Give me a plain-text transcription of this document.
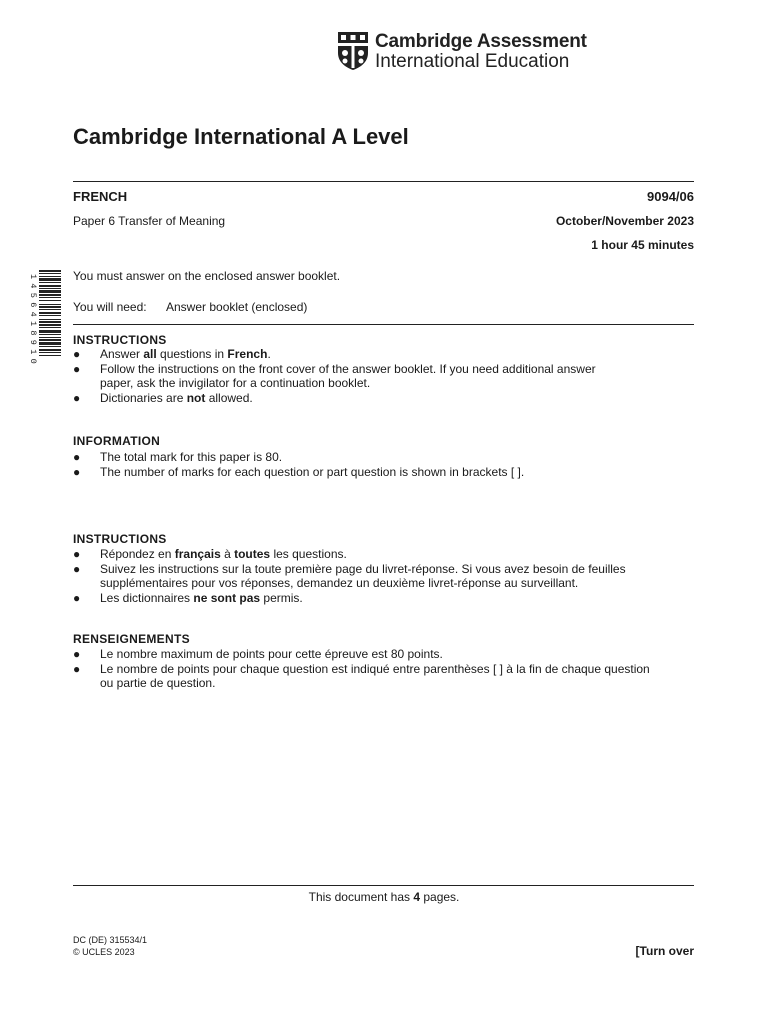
Cambridge Assessment
International Education
Cambridge International A Level
FRENCH	9094/06
Paper 6 Transfer of Meaning	October/November 2023
1 hour 45 minutes
1456418910	You must answer on the enclosed answer booklet.
You will need: Answer booklet (enclosed)
INSTRUCTIONS
● Answer all questions in French.
● Follow the instructions on the front cover of the answer booklet. If you need additional answer
paper, ask the invigilator for a continuation booklet.
● Dictionaries are not allowed.
INFORMATION
● The total mark for this paper is 80.
● The number of marks for each question or part question is shown in brackets [ ].
INSTRUCTIONS
● Répondez en français à toutes les questions.
● Suivez les instructions sur la toute première page du livret-réponse. Si vous avez besoin de feuilles
supplémentaires pour vos réponses, demandez un deuxième livret-réponse au surveillant.
● Les dictionnaires ne sont pas permis.
RENSEIGNEMENTS
● Le nombre maximum de points pour cette épreuve est 80 points.
● Le nombre de points pour chaque question est indiqué entre parenthèses [ ] à la fin de chaque question
ou partie de question.
This document has 4 pages.
DC (DE) 315534/1
© UCLES 2023	[Turn over
